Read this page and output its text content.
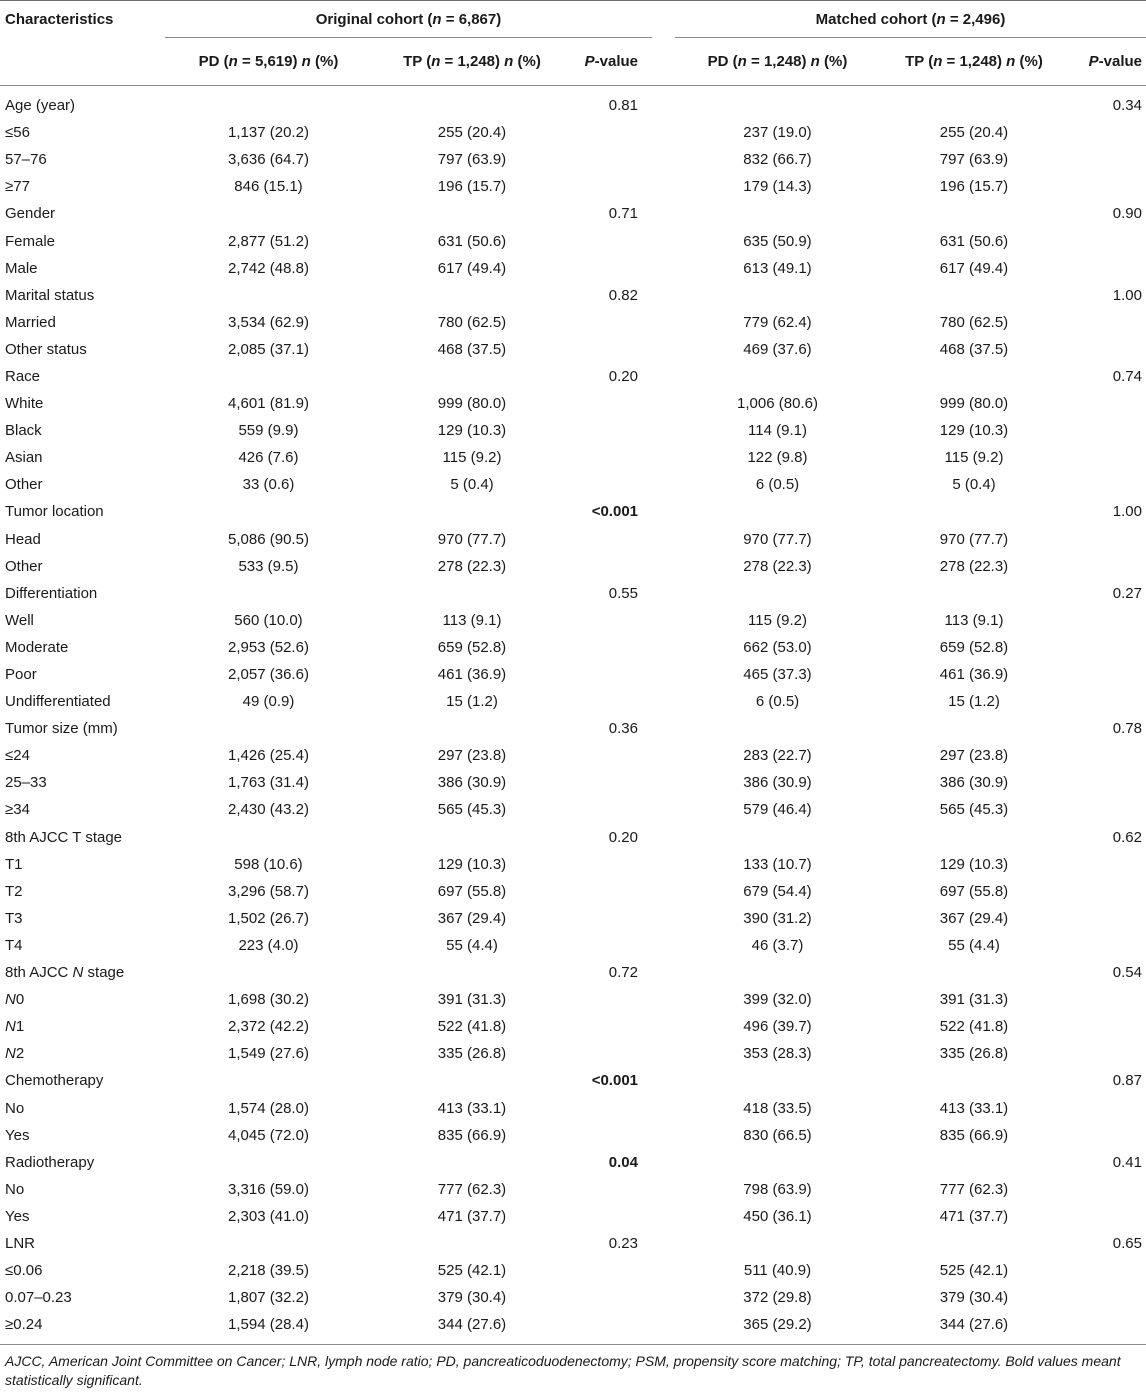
Characteristics	Original cohort (n = 6,867)				Matched cohort (n = 2,496)		
	PD (n = 5,619) n (%)	TP (n = 1,248) n (%)	P-value		PD (n = 1,248) n (%)	TP (n = 1,248) n (%)	P-value
Age (year)			0.81				0.34
≤56	1,137 (20.2)	255 (20.4)			237 (19.0)	255 (20.4)	
57–76	3,636 (64.7)	797 (63.9)			832 (66.7)	797 (63.9)	
≥77	846 (15.1)	196 (15.7)			179 (14.3)	196 (15.7)	
Gender			0.71				0.90
Female	2,877 (51.2)	631 (50.6)			635 (50.9)	631 (50.6)	
Male	2,742 (48.8)	617 (49.4)			613 (49.1)	617 (49.4)	
Marital status			0.82				1.00
Married	3,534 (62.9)	780 (62.5)			779 (62.4)	780 (62.5)	
Other status	2,085 (37.1)	468 (37.5)			469 (37.6)	468 (37.5)	
Race			0.20				0.74
White	4,601 (81.9)	999 (80.0)			1,006 (80.6)	999 (80.0)	
Black	559 (9.9)	129 (10.3)			114 (9.1)	129 (10.3)	
Asian	426 (7.6)	115 (9.2)			122 (9.8)	115 (9.2)	
Other	33 (0.6)	5 (0.4)			6 (0.5)	5 (0.4)	
Tumor location			<0.001				1.00
Head	5,086 (90.5)	970 (77.7)			970 (77.7)	970 (77.7)	
Other	533 (9.5)	278 (22.3)			278 (22.3)	278 (22.3)	
Differentiation			0.55				0.27
Well	560 (10.0)	113 (9.1)			115 (9.2)	113 (9.1)	
Moderate	2,953 (52.6)	659 (52.8)			662 (53.0)	659 (52.8)	
Poor	2,057 (36.6)	461 (36.9)			465 (37.3)	461 (36.9)	
Undifferentiated	49 (0.9)	15 (1.2)			6 (0.5)	15 (1.2)	
Tumor size (mm)			0.36				0.78
≤24	1,426 (25.4)	297 (23.8)			283 (22.7)	297 (23.8)	
25–33	1,763 (31.4)	386 (30.9)			386 (30.9)	386 (30.9)	
≥34	2,430 (43.2)	565 (45.3)			579 (46.4)	565 (45.3)	
8th AJCC T stage			0.20				0.62
T1	598 (10.6)	129 (10.3)			133 (10.7)	129 (10.3)	
T2	3,296 (58.7)	697 (55.8)			679 (54.4)	697 (55.8)	
T3	1,502 (26.7)	367 (29.4)			390 (31.2)	367 (29.4)	
T4	223 (4.0)	55 (4.4)			46 (3.7)	55 (4.4)	
8th AJCC N stage			0.72				0.54
N0	1,698 (30.2)	391 (31.3)			399 (32.0)	391 (31.3)	
N1	2,372 (42.2)	522 (41.8)			496 (39.7)	522 (41.8)	
N2	1,549 (27.6)	335 (26.8)			353 (28.3)	335 (26.8)	
Chemotherapy			<0.001				0.87
No	1,574 (28.0)	413 (33.1)			418 (33.5)	413 (33.1)	
Yes	4,045 (72.0)	835 (66.9)			830 (66.5)	835 (66.9)	
Radiotherapy			0.04				0.41
No	3,316 (59.0)	777 (62.3)			798 (63.9)	777 (62.3)	
Yes	2,303 (41.0)	471 (37.7)			450 (36.1)	471 (37.7)	
LNR			0.23				0.65
≤0.06	2,218 (39.5)	525 (42.1)			511 (40.9)	525 (42.1)	
0.07–0.23	1,807 (32.2)	379 (30.4)			372 (29.8)	379 (30.4)	
≥0.24	1,594 (28.4)	344 (27.6)			365 (29.2)	344 (27.6)	
AJCC, American Joint Committee on Cancer; LNR, lymph node ratio; PD, pancreaticoduodenectomy; PSM, propensity score matching; TP, total pancreatectomy. Bold values meant statistically significant.							
